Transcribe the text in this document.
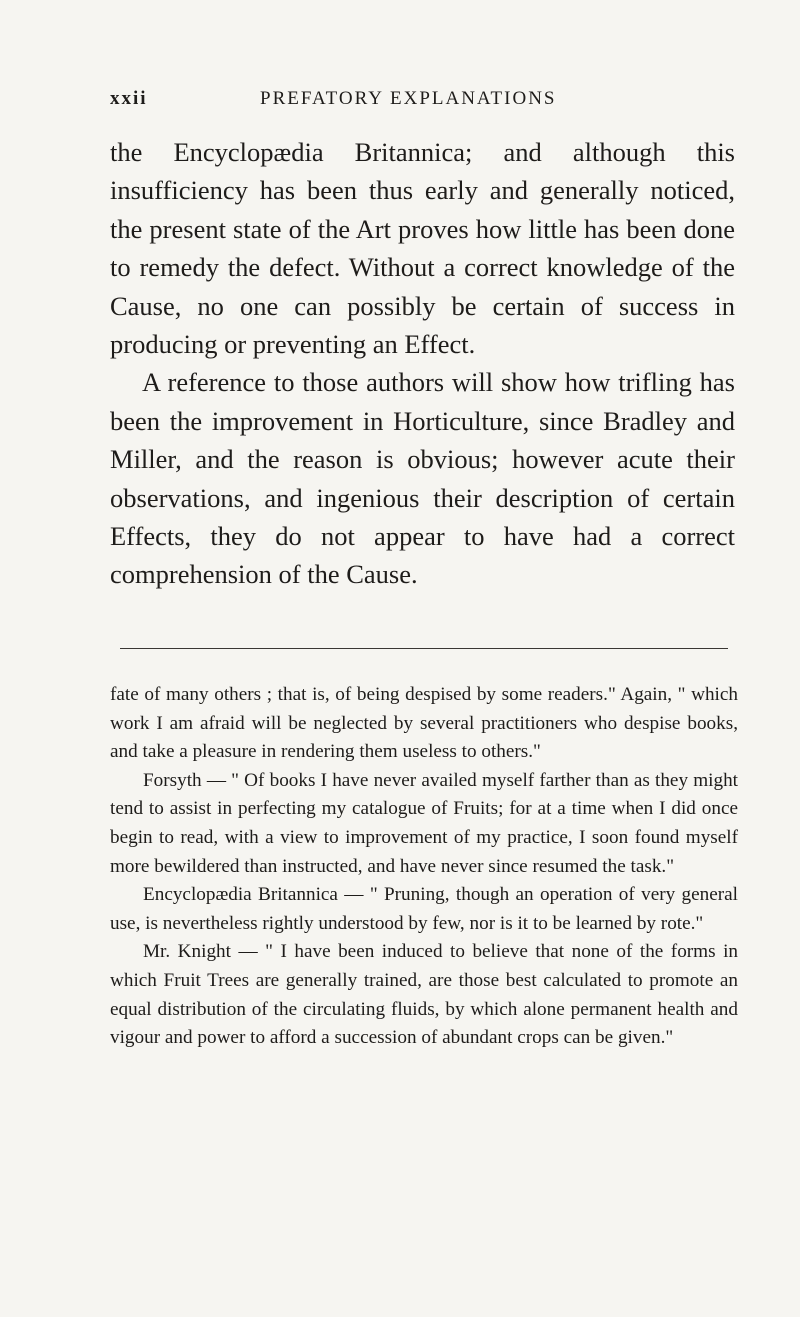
xxii	PREFATORY EXPLANATIONS

the Encyclopædia Britannica; and although this insufficiency has been thus early and generally noticed, the present state of the Art proves how little has been done to remedy the defect. Without a correct knowledge of the Cause, no one can possibly be certain of success in producing or preventing an Effect.

A reference to those authors will show how trifling has been the improvement in Horticulture, since Bradley and Miller, and the reason is obvious; however acute their observations, and ingenious their description of certain Effects, they do not appear to have had a correct comprehension of the Cause.

fate of many others ; that is, of being despised by some readers." Again, " which work I am afraid will be neglected by several practitioners who despise books, and take a pleasure in rendering them useless to others."

Forsyth — " Of books I have never availed myself farther than as they might tend to assist in perfecting my catalogue of Fruits; for at a time when I did once begin to read, with a view to improvement of my practice, I soon found myself more bewildered than instructed, and have never since resumed the task."

Encyclopædia Britannica — " Pruning, though an operation of very general use, is nevertheless rightly understood by few, nor is it to be learned by rote."

Mr. Knight — " I have been induced to believe that none of the forms in which Fruit Trees are generally trained, are those best calculated to promote an equal distribution of the circulating fluids, by which alone permanent health and vigour and power to afford a succession of abundant crops can be given."
